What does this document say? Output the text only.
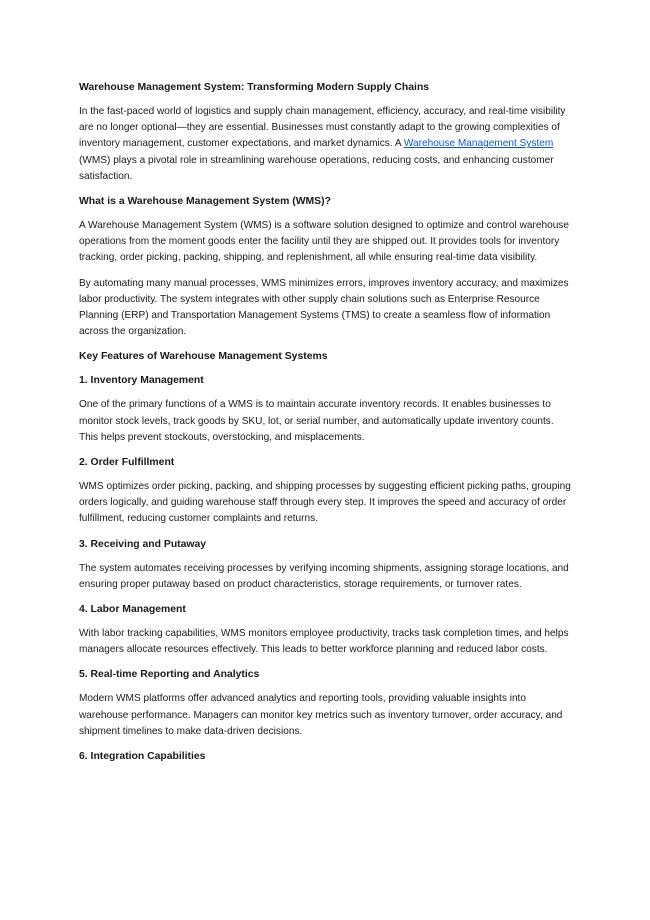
Warehouse Management System: Transforming Modern Supply Chains

In the fast-paced world of logistics and supply chain management, efficiency, accuracy, and real-time visibility are no longer optional—they are essential. Businesses must constantly adapt to the growing complexities of inventory management, customer expectations, and market dynamics. A Warehouse Management System (WMS) plays a pivotal role in streamlining warehouse operations, reducing costs, and enhancing customer satisfaction.

What is a Warehouse Management System (WMS)?

A Warehouse Management System (WMS) is a software solution designed to optimize and control warehouse operations from the moment goods enter the facility until they are shipped out. It provides tools for inventory tracking, order picking, packing, shipping, and replenishment, all while ensuring real-time data visibility.

By automating many manual processes, WMS minimizes errors, improves inventory accuracy, and maximizes labor productivity. The system integrates with other supply chain solutions such as Enterprise Resource Planning (ERP) and Transportation Management Systems (TMS) to create a seamless flow of information across the organization.

Key Features of Warehouse Management Systems

1. Inventory Management

One of the primary functions of a WMS is to maintain accurate inventory records. It enables businesses to monitor stock levels, track goods by SKU, lot, or serial number, and automatically update inventory counts. This helps prevent stockouts, overstocking, and misplacements.

2. Order Fulfillment

WMS optimizes order picking, packing, and shipping processes by suggesting efficient picking paths, grouping orders logically, and guiding warehouse staff through every step. It improves the speed and accuracy of order fulfillment, reducing customer complaints and returns.

3. Receiving and Putaway

The system automates receiving processes by verifying incoming shipments, assigning storage locations, and ensuring proper putaway based on product characteristics, storage requirements, or turnover rates.

4. Labor Management

With labor tracking capabilities, WMS monitors employee productivity, tracks task completion times, and helps managers allocate resources effectively. This leads to better workforce planning and reduced labor costs.

5. Real-time Reporting and Analytics

Modern WMS platforms offer advanced analytics and reporting tools, providing valuable insights into warehouse performance. Managers can monitor key metrics such as inventory turnover, order accuracy, and shipment timelines to make data-driven decisions.

6. Integration Capabilities
